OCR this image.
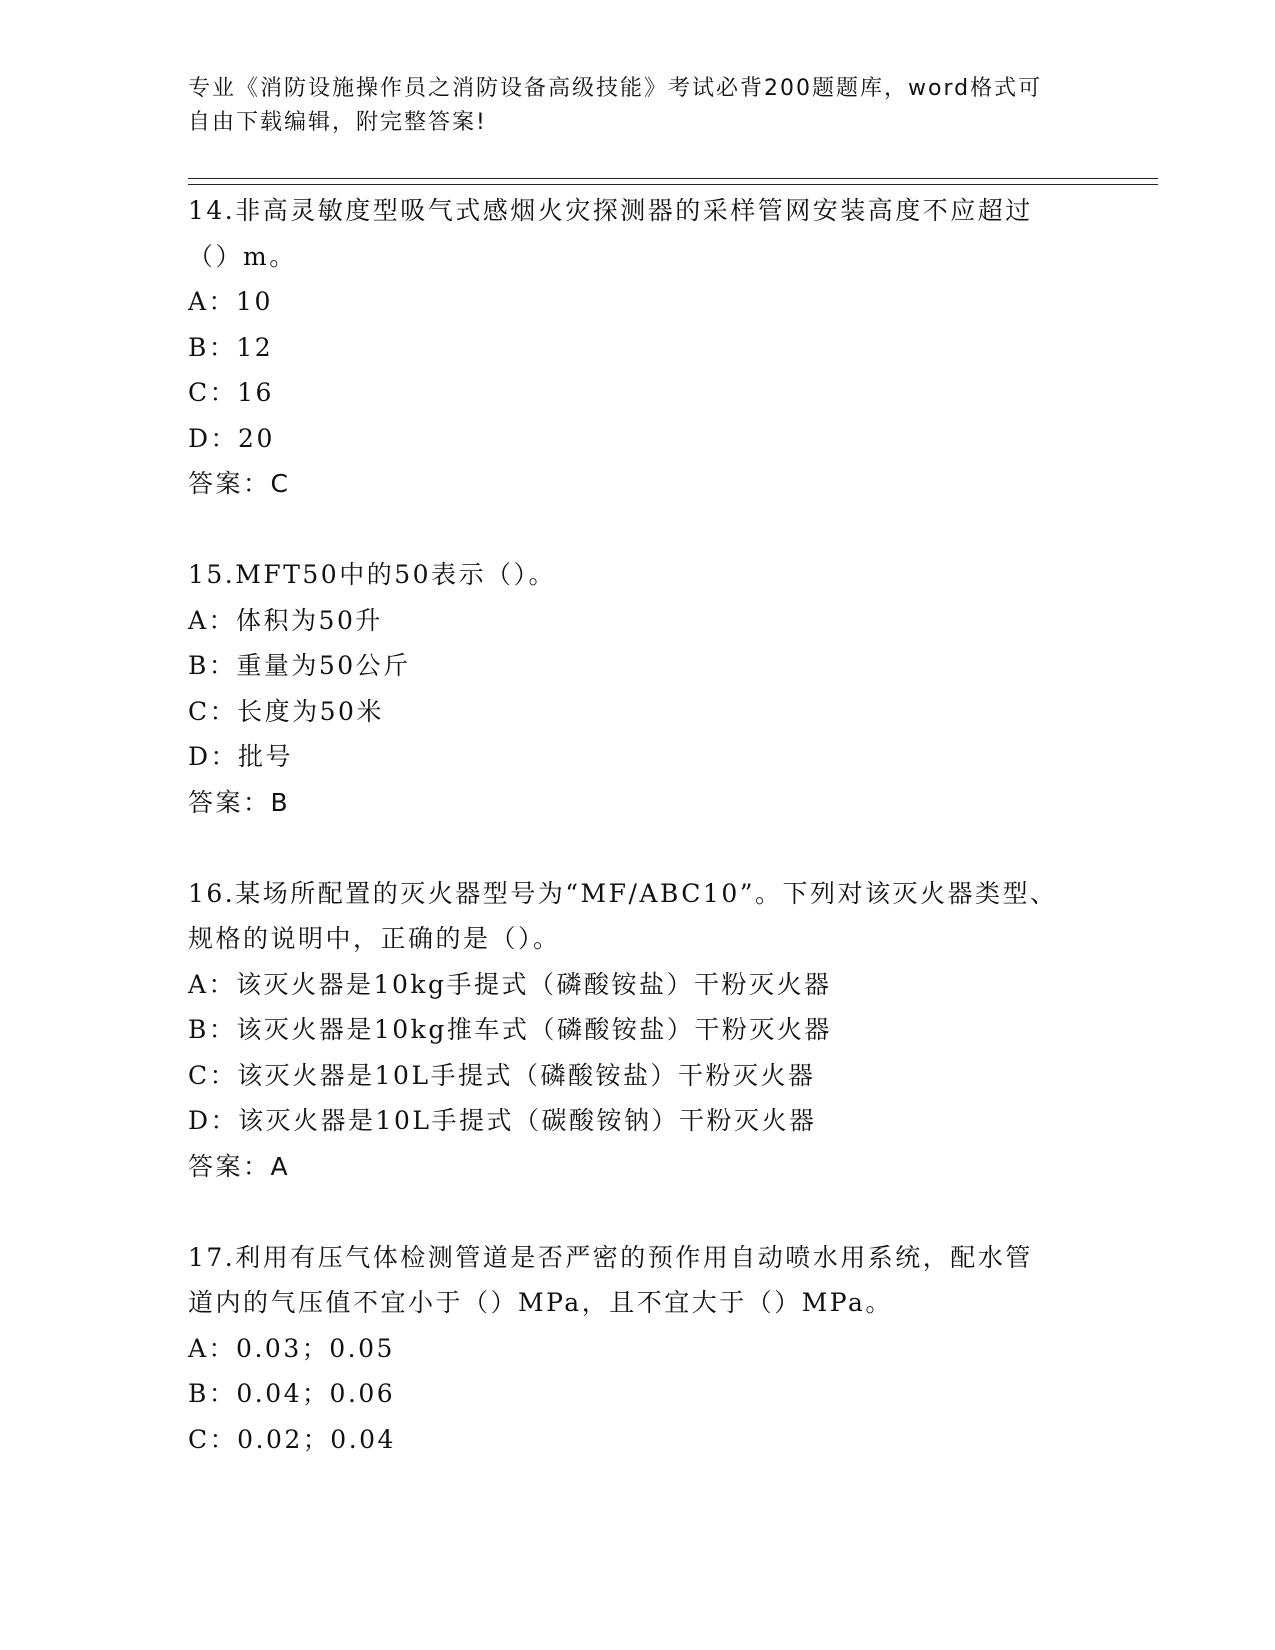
专业《消防设施操作员之消防设备高级技能》考试必背200题题库，word格式可
自由下载编辑，附完整答案!
14.非高灵敏度型吸气式感烟火灾探测器的采样管网安装高度不应超过
（）m。
A：10
B：12
C：16
D：20
答案：C
15.MFT50中的50表示（）。
A：体积为50升
B：重量为50公斤
C：长度为50米
D：批号
答案：B
16.某场所配置的灭火器型号为“MF/ABC10”。下列对该灭火器类型、
规格的说明中，正确的是（）。
A：该灭火器是10kg手提式（磷酸铵盐）干粉灭火器
B：该灭火器是10kg推车式（磷酸铵盐）干粉灭火器
C：该灭火器是10L手提式（磷酸铵盐）干粉灭火器
D：该灭火器是10L手提式（碳酸铵钠）干粉灭火器
答案：A
17.利用有压气体检测管道是否严密的预作用自动喷水用系统，配水管
道内的气压值不宜小于（）MPa，且不宜大于（）MPa。
A：0.03；0.05
B：0.04；0.06
C：0.02；0.04
